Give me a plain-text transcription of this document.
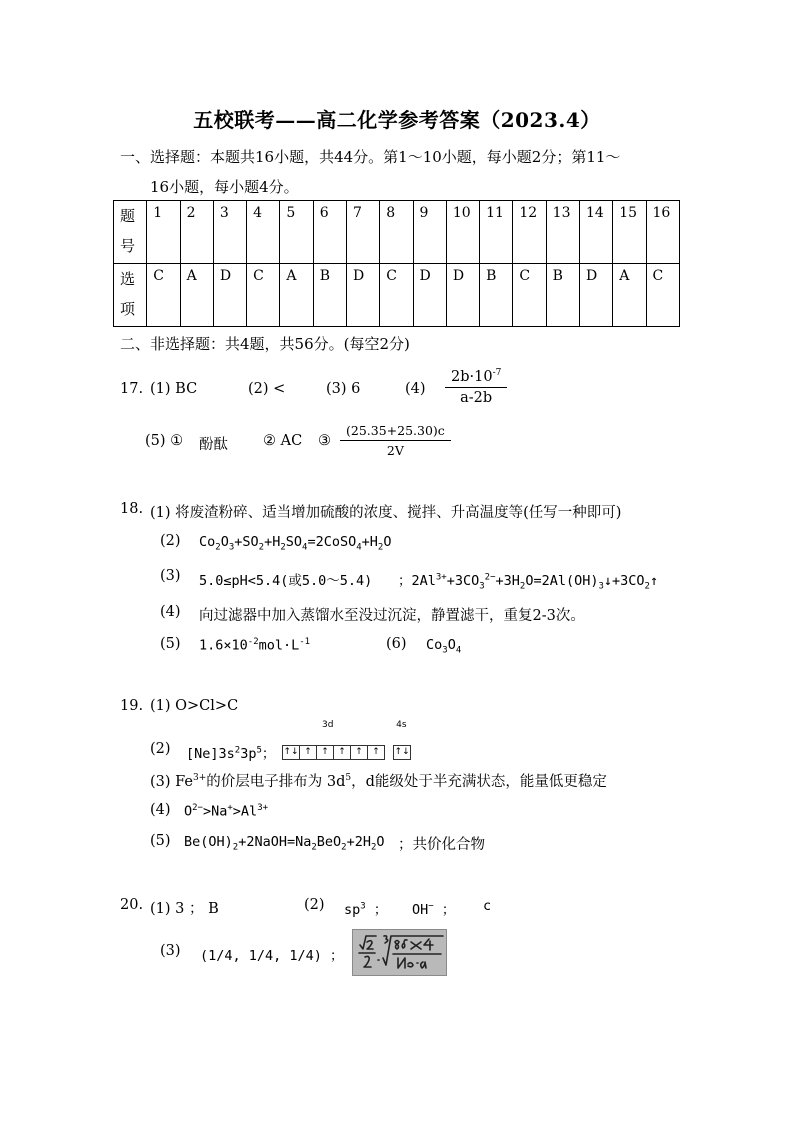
五校联考——高二化学参考答案（2023.4）
一、选择题：本题共16小题，共44分。第1～10小题，每小题2分；第11～
16小题，每小题4分。
题
号	1	2	3	4	5	6	7	8	9	10	11	12	13	14	15	16
选
项	C	A	D	C	A	B	D	C	D	D	B	C	B	D	A	C
二、非选择题：共4题，共56分。(每空2分)
17. (1) BC	(2) <	(3) 6	$(4) \frac{2b\cdot 10^{-7}}{a-2b}$
(5) ① 酚酞 ② AC ③ $\frac{(25.35+25.30)c}{2V}$
18. (1) 将废渣粉碎、适当增加硫酸的浓度、搅拌、升高温度等(任写一种即可)
(2) $Co_2O_3+SO_2+H_2SO_4=2CoSO_4+H_2O$
(3) 5.0≤pH<5.4(或5.0～5.4) ；$2Al^{3+}+3CO_3^{2-}+3H_2O=2Al(OH)_3↓+3CO_2↑$
(4) 向过滤器中加入蒸馏水至没过沉淀，静置滤干，重复2-3次。
(5) $1.6\times 10^{-2}mol\cdot L^{-1}$	(6) $Co_3O_4$
19. (1) O>Cl>C
(2) $[Ne]3s^23p^5$；
3d
↑↓ ↑ ↑ ↑ ↑ ↑
4s
↑↓
(3) $Fe^{3+}$的价层电子排布为 $3d^5$，d能级处于半充满状态，能量低更稳定
(4) $O^{2-}>Na^+>Al^{3+}$
(5) $Be(OH)_2+2NaOH=Na_2BeO_2+2H_2O$ ；共价化合物
20. (1) 3 ； B	(2) $sp^3$ ； OH− ； c
(3) (1/4, 1/4, 1/4) ；
